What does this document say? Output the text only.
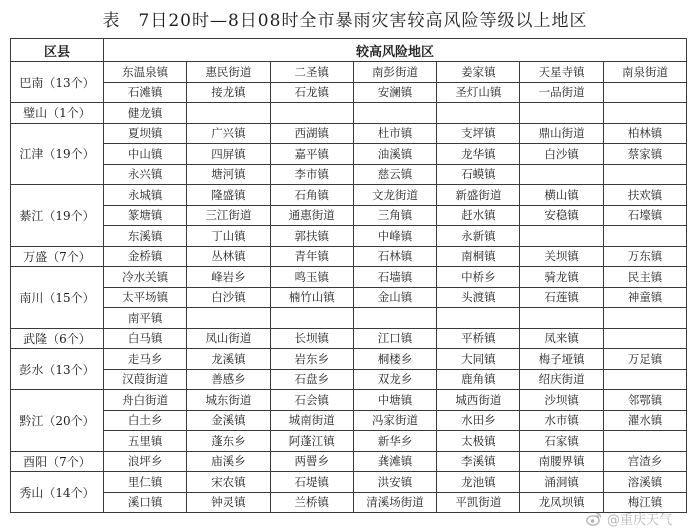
表　7日20时—8日08时全市暴雨灾害较高风险等级以上地区
区县	较高风险地区						
巴南（13个）	东温泉镇	惠民街道	二圣镇	南彭街道	姜家镇	天星寺镇	南泉街道
	石滩镇	接龙镇	石龙镇	安澜镇	圣灯山镇	一品街道	
璧山（1个）	健龙镇						
江津（19个）	夏坝镇	广兴镇	西湖镇	杜市镇	支坪镇	鼎山街道	柏林镇
	中山镇	四屏镇	嘉平镇	油溪镇	龙华镇	白沙镇	蔡家镇
	永兴镇	塘河镇	李市镇	慈云镇	石蟆镇		
綦江（19个）	永城镇	隆盛镇	石角镇	文龙街道	新盛街道	横山镇	扶欢镇
	篆塘镇	三江街道	通惠街道	三角镇	赶水镇	安稳镇	石壕镇
	东溪镇	丁山镇	郭扶镇	中峰镇	永新镇		
万盛（7个）	金桥镇	丛林镇	青年镇	石林镇	南桐镇	关坝镇	万东镇
南川（15个）	冷水关镇	峰岩乡	鸣玉镇	石墙镇	中桥乡	骑龙镇	民主镇
	太平场镇	白沙镇	楠竹山镇	金山镇	头渡镇	石莲镇	神童镇
	南平镇						
武隆（6个）	白马镇	凤山街道	长坝镇	江口镇	平桥镇	凤来镇	
彭水（13个）	走马乡	龙溪镇	岩东乡	桐楼乡	大同镇	梅子垭镇	万足镇
	汉葭街道	善感乡	石盘乡	双龙乡	鹿角镇	绍庆街道	
黔江（20个）	舟白街道	城东街道	石会镇	中塘镇	城西街道	沙坝镇	邻鄂镇
	白土乡	金溪镇	城南街道	冯家街道	水田乡	水市镇	濯水镇
	五里镇	蓬东乡	阿蓬江镇	新华乡	太极镇	石家镇	
酉阳（7个）	浪坪乡	庙溪乡	两罾乡	龚滩镇	李溪镇	南腰界镇	宫渣乡
秀山（14个）	里仁镇	宋农镇	石堤镇	洪安镇	龙池镇	涌洞镇	溶溪镇
	溪口镇	钟灵镇	兰桥镇	清溪场街道	平凯街道	龙凤坝镇	梅江镇
@重庆天气
